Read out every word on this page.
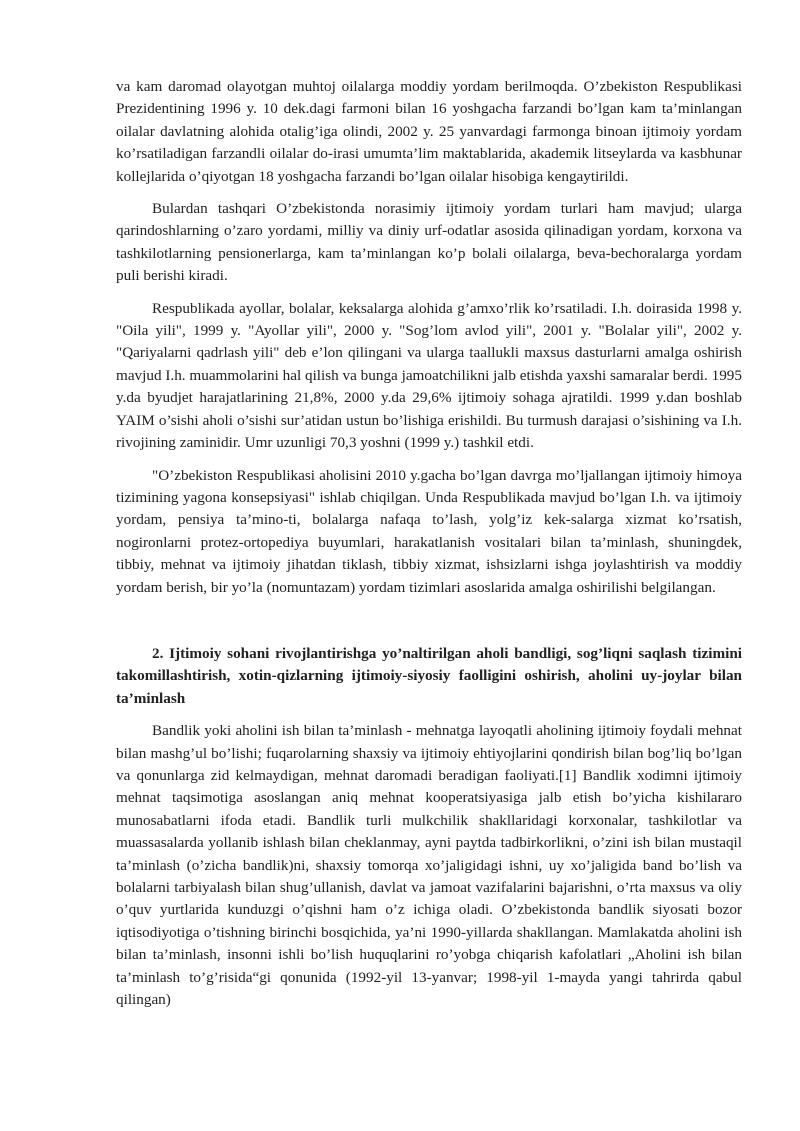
va kam daromad olayotgan muhtoj oilalarga moddiy yordam berilmoqda. O’zbekiston Respublikasi Prezidentining 1996 y. 10 dek.dagi farmoni bilan 16 yoshgacha farzandi bo’lgan kam ta’minlangan oilalar davlatning alohida otalig’iga olindi, 2002 y. 25 yanvardagi farmonga binoan ijtimoiy yordam ko’rsatiladigan farzandli oilalar do-irasi umumta’lim maktablarida, akademik litseylarda va kasbhunar kollejlarida o’qiyotgan 18 yoshgacha farzandi bo’lgan oilalar hisobiga kengaytirildi.

Bulardan tashqari O’zbekistonda norasimiy ijtimoiy yordam turlari ham mavjud; ularga qarindoshlarning o’zaro yordami, milliy va diniy urf-odatlar asosida qilinadigan yordam, korxona va tashkilotlarning pensionerlarga, kam ta’minlangan ko’p bolali oilalarga, beva-bechoralarga yordam puli berishi kiradi.

Respublikada ayollar, bolalar, keksalarga alohida g’amxo’rlik ko’rsatiladi. I.h. doirasida 1998 y. "Oila yili", 1999 y. "Ayollar yili", 2000 y. "Sog’lom avlod yili", 2001 y. "Bolalar yili", 2002 y. "Qariyalarni qadrlash yili" deb e’lon qilingani va ularga taallukli maxsus dasturlarni amalga oshirish mavjud I.h. muammolarini hal qilish va bunga jamoatchilikni jalb etishda yaxshi samaralar berdi. 1995 y.da byudjet harajatlarining 21,8%, 2000 y.da 29,6% ijtimoiy sohaga ajratildi. 1999 y.dan boshlab YAIM o’sishi aholi o’sishi sur’atidan ustun bo’lishiga erishildi. Bu turmush darajasi o’sishining va I.h. rivojining zaminidir. Umr uzunligi 70,3 yoshni (1999 y.) tashkil etdi.

"O’zbekiston Respublikasi aholisini 2010 y.gacha bo’lgan davrga mo’ljallangan ijtimoiy himoya tizimining yagona konsepsiyasi" ishlab chiqilgan. Unda Respublikada mavjud bo’lgan I.h. va ijtimoiy yordam, pensiya ta’mino-ti, bolalarga nafaqa to’lash, yolg’iz kek-salarga xizmat ko’rsatish, nogironlarni protez-ortopediya buyumlari, harakatlanish vositalari bilan ta’minlash, shuningdek, tibbiy, mehnat va ijtimoiy jihatdan tiklash, tibbiy xizmat, ishsizlarni ishga joylashtirish va moddiy yordam berish, bir yo’la (nomuntazam) yordam tizimlari asoslarida amalga oshirilishi belgilangan.

2. Ijtimoiy sohani rivojlantirishga yo’naltirilgan aholi bandligi, sog’liqni saqlash tizimini takomillashtirish, xotin-qizlarning ijtimoiy-siyosiy faolligini oshirish, aholini uy-joylar bilan ta’minlash

Bandlik yoki aholini ish bilan ta’minlash - mehnatga layoqatli aholining ijtimoiy foydali mehnat bilan mashg’ul bo’lishi; fuqarolarning shaxsiy va ijtimoiy ehtiyojlarini qondirish bilan bog’liq bo’lgan va qonunlarga zid kelmaydigan, mehnat daromadi beradigan faoliyati.[1] Bandlik xodimni ijtimoiy mehnat taqsimotiga asoslangan aniq mehnat kooperatsiyasiga jalb etish bo’yicha kishilararo munosabatlarni ifoda etadi. Bandlik turli mulkchilik shakllaridagi korxonalar, tashkilotlar va muassasalarda yollanib ishlash bilan cheklanmay, ayni paytda tadbirkorlikni, o’zini ish bilan mustaqil ta’minlash (o’zicha bandlik)ni, shaxsiy tomorqa xo’jaligidagi ishni, uy xo’jaligida band bo’lish va bolalarni tarbiyalash bilan shug’ullanish, davlat va jamoat vazifalarini bajarishni, o’rta maxsus va oliy o’quv yurtlarida kunduzgi o’qishni ham o’z ichiga oladi. O’zbekistonda bandlik siyosati bozor iqtisodiyotiga o’tishning birinchi bosqichida, ya’ni 1990-yillarda shakllangan. Mamlakatda aholini ish bilan ta’minlash, insonni ishli bo’lish huquqlarini ro’yobga chiqarish kafolatlari „Aholini ish bilan ta’minlash to’g’risida“gi qonunida (1992-yil 13-yanvar; 1998-yil 1-mayda yangi tahrirda qabul qilingan)
